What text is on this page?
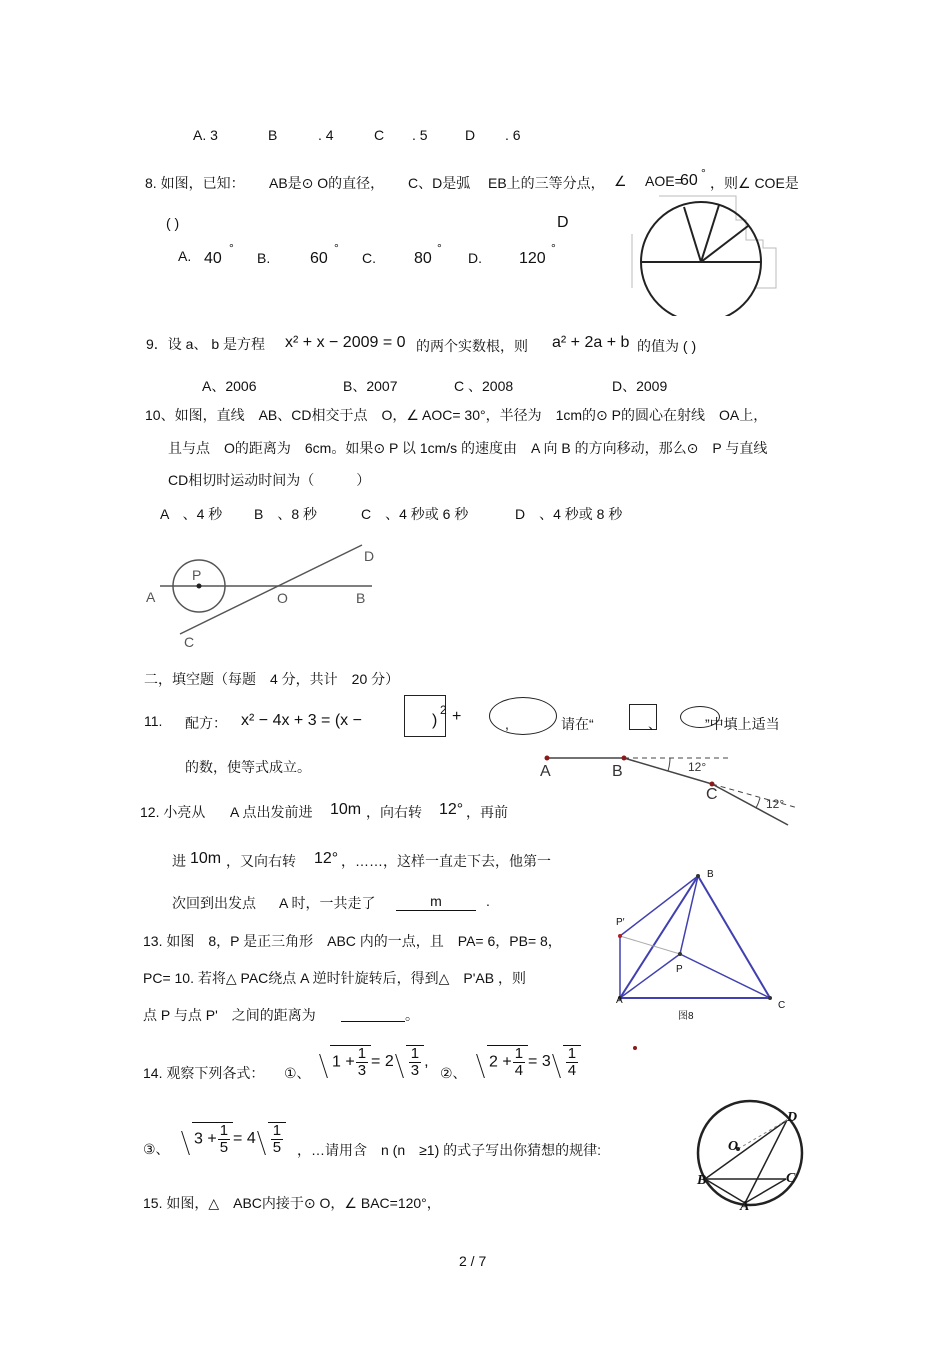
A. 3	B	. 4	C . 5	D . 6
8. 如图，已知： AB是⊙ O的直径， C、D是弧 EB上的三等分点， ∠ AOE=
60 °
，则∠ COE是
( )	D
A. 40
°
B. 60
°
C. 80
°
D. 120
°
9．设 a、 b 是方程 x² + x − 2009 = 0 的两个实数根，则 a² + 2a + b 的值为 ( )
A、2006	B、2007	C 、2008	D、2009
10、如图，直线　AB、CD相交于点　O，∠ AOC= 30°，半径为　1cm的⊙ P的圆心在射线　OA上，
且与点　O的距离为　6cm。如果⊙ P 以 1cm/s 的速度由　A 向 B 的方向移动，那么⊙　P 与直线
CD相切时运动时间为（　　　）
A　、4 秒 B　、8 秒	C　、4 秒或 6 秒	D　、4 秒或 8 秒
A
P
O	B
C
D
二，填空题（每题　4 分，共计　20 分）
11. 配方： x² − 4x + 3 = (x −	)
2 +	,	请在“	、	”中填上适当
的数，使等式成立。	A	B
C
12°
12°
12. 小亮从 A 点出发前进 10m ，向右转 12° ，再前
进 10m ，又向右转 12° ，……，这样一直走下去，他第一
次回到出发点 A 时，一共走了	m	.
B
P′
P
A	C
图8
13. 如图　8，P 是正三角形　ABC 内的一点，且　PA= 6，PB= 8，
PC= 10. 若将△ PAC绕点 A 逆时针旋转后，得到△　P'AB ，则
点 P 与点 P'　之间的距离为	。
14. 观察下列各式： ①、
$1 + \frac{1}{3} = 2 \frac{1}{3}$ ,
②、
$2 + \frac{1}{4} = 3 \frac{1}{4}$
③、
$3 + \frac{1}{5} = 4 \frac{1}{5}$ ，…请用含　n (n　≥1) 的式子写出你猜想的规律:	O
D
B	C
A
15. 如图，△　ABC内接于⊙ O，∠ BAC=120°，
2 / 7
